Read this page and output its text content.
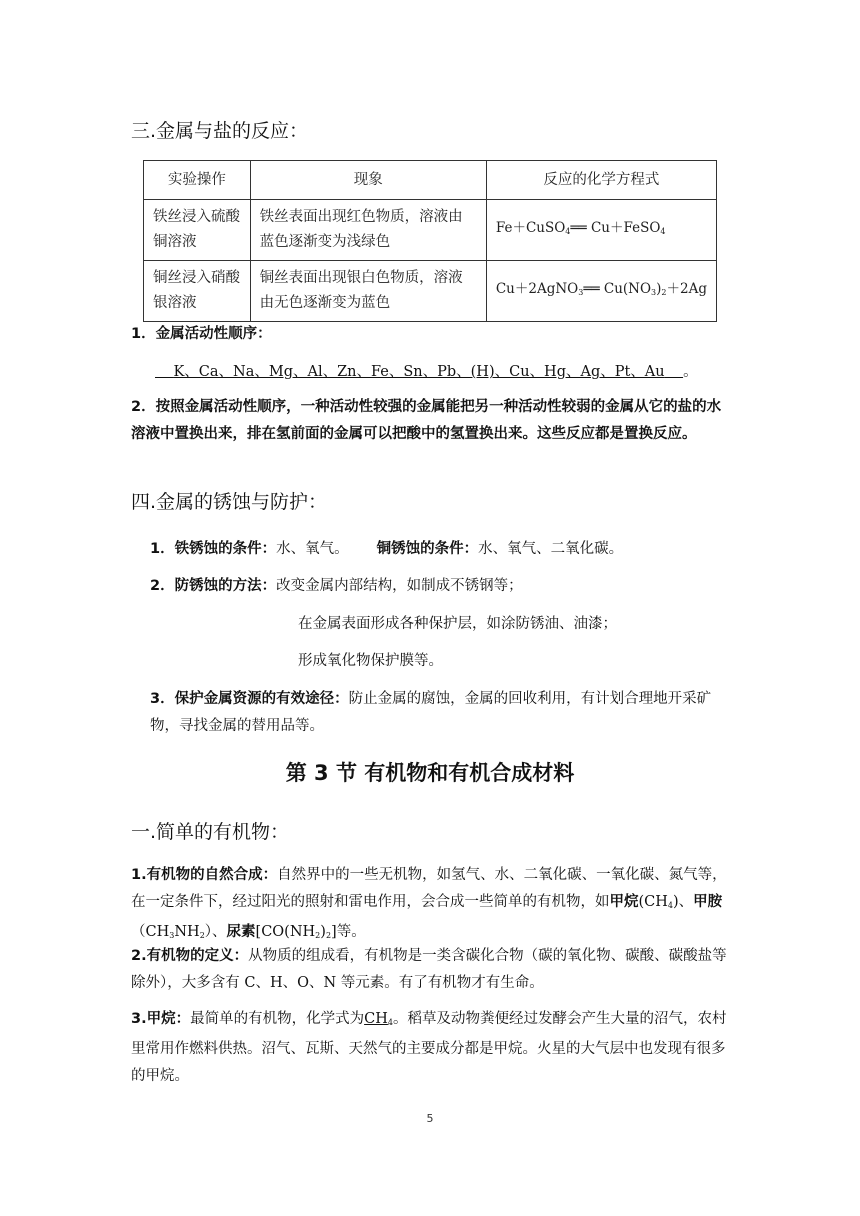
三.金属与盐的反应：
实验操作	现象	反应的化学方程式
铁丝浸入硫酸铜溶液	铁丝表面出现红色物质，溶液由蓝色逐渐变为浅绿色	Fe＋CuSO$_4$══ Cu＋FeSO$_4$
铜丝浸入硝酸银溶液	铜丝表面出现银白色物质，溶液由无色逐渐变为蓝色	Cu＋2AgNO$_3$══ $Cu(NO_3)_2+2Ag$
1．金属活动性顺序：
K、Ca、Na、Mg、Al、Zn、Fe、Sn、Pb、(H)、Cu、Hg、Ag、Pt、Au 。
2．按照金属活动性顺序，一种活动性较强的金属能把另一种活动性较弱的金属从它的盐的水溶液中置换出来，排在氢前面的金属可以把酸中的氢置换出来。这些反应都是置换反应。
四.金属的锈蚀与防护：
1．铁锈蚀的条件：水、氧气。 铜锈蚀的条件：水、氧气、二氧化碳。
2．防锈蚀的方法：改变金属内部结构，如制成不锈钢等；
在金属表面形成各种保护层，如涂防锈油、油漆；
形成氧化物保护膜等。
3．保护金属资源的有效途径：防止金属的腐蚀，金属的回收利用，有计划合理地开采矿物，寻找金属的替用品等。
第 3 节 有机物和有机合成材料
一.简单的有机物：
1.有机物的自然合成：自然界中的一些无机物，如氢气、水、二氧化碳、一氧化碳、氮气等，在一定条件下，经过阳光的照射和雷电作用，会合成一些简单的有机物，如甲烷$(CH_4)$、甲胺$(CH_3NH_2)$、尿素$[CO(NH_2)_2]$等。
2.有机物的定义：从物质的组成看，有机物是一类含碳化合物（碳的氧化物、碳酸、碳酸盐等除外），大多含有 C、H、O、N 等元素。有了有机物才有生命。
3.甲烷：最简单的有机物，化学式为$CH_4$。稻草及动物粪便经过发酵会产生大量的沼气，农村里常用作燃料供热。沼气、瓦斯、天然气的主要成分都是甲烷。火星的大气层中也发现有很多的甲烷。
5
